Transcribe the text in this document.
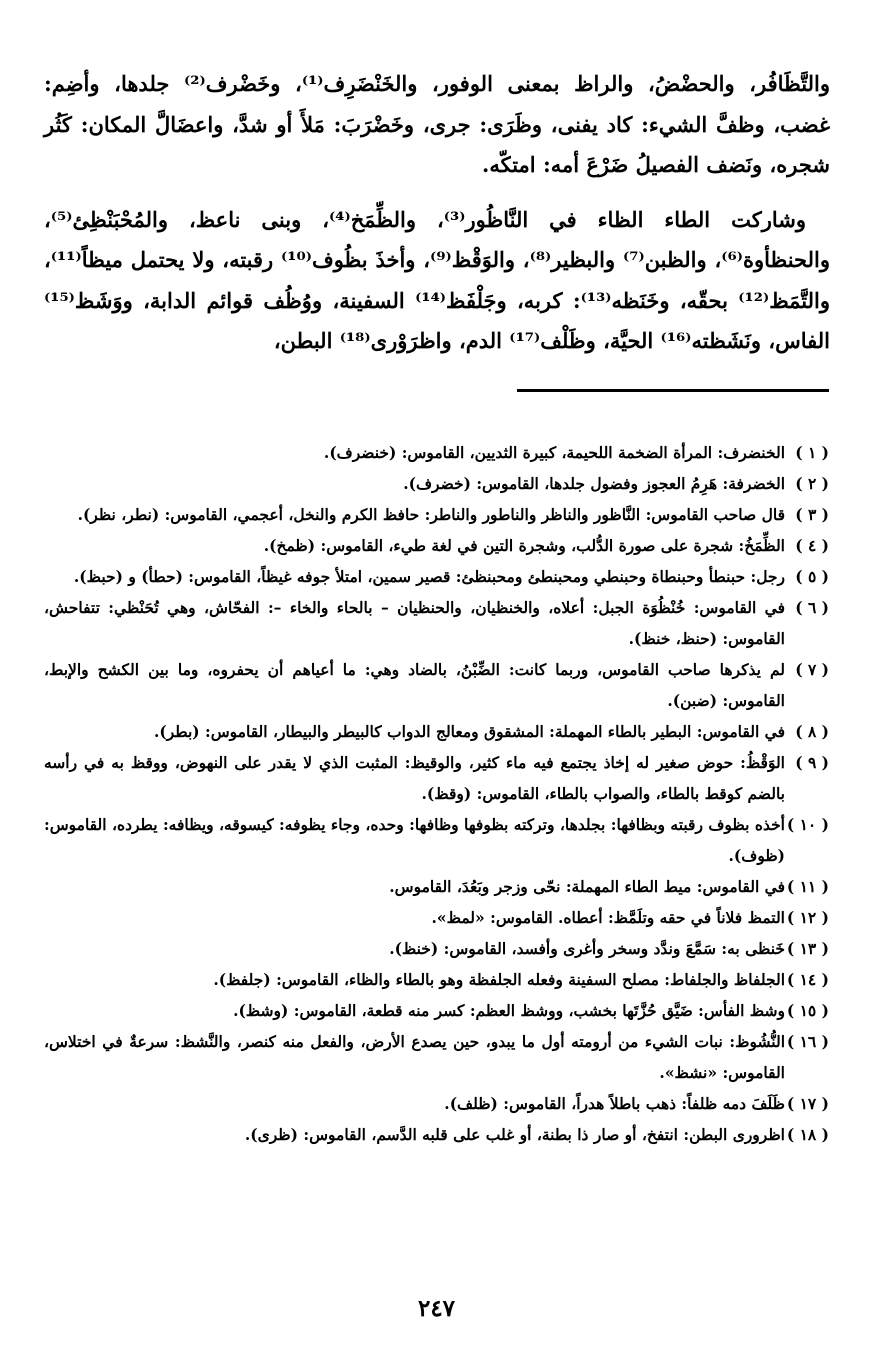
والتَّظَافُر، والحضْضُ، والراظ بمعنى الوفور، والخَنْضَرِف⁽¹⁾، وخَضْرف⁽²⁾ جلدها، وأضِم: غضب، وظفَّ الشيء: كاد يفنى، وظَرَى: جرى، وخَضْرَبَ: مَلأَ أو شدَّ، واعضَالَّ المكان: كَثُر شجره، ونَضف الفصيلُ ضَرْعَ أمه: امتكّه.

وشاركت الطاء الظاء في النَّاظُور⁽³⁾، والظِّمَخ⁽⁴⁾، وبنى ناعظ، والمُحْبَنْظِئ⁽⁵⁾، والحنظأوة⁽⁶⁾، والظبن⁽⁷⁾ والبظير⁽⁸⁾، والوَقْظ⁽⁹⁾، وأخذَ بظُوف⁽¹⁰⁾ رقبته، ولا يحتمل ميظاً⁽¹¹⁾، والتَّمَظ⁽¹²⁾ بحقّه، وخَنَظه⁽¹³⁾: كربه، وجَلْفَظ⁽¹⁴⁾ السفينة، ووُظُف قوائم الدابة، ووَشَظ⁽¹⁵⁾ الفاس، ونَشَظته⁽¹⁶⁾ الحيَّة، وظَلْف⁽¹⁷⁾ الدم، واظرَوْرى⁽¹⁸⁾ البطن،

( ١ )
الخنضرف: المرأة الضخمة اللحيمة، كبيرة الثديين، القاموس: (خنضرف).
( ٢ )
الخضرفة: هَرِمُ العجوز وفضول جلدها، القاموس: (خضرف).
( ٣ )
قال صاحب القاموس: النَّاظور والناظر والناطور والناطر: حافظ الكرم والنخل، أعجمي، القاموس: (نطر، نظر).
( ٤ )
الظِّمَخُ: شجرة على صورة الدُّلب، وشجرة التين في لغة طيء، القاموس: (ظمخ).
( ٥ )
رجل: حبنطأ وحبنطاة وحبنطي ومحبنطئ ومحبنظئ: قصير سمين، امتلأ جوفه غيظاً، القاموس: (حطأ) و (حبظ).
( ٦ )
في القاموس: خُنْظُوَة الجبل: أعلاه، والخنظيان، والحنظيان – بالحاء والخاء –: الفحّاش، وهي تُحَنْظي: تتفاحش، القاموس: (حنظ، خنظ).
( ٧ )
لم يذكرها صاحب القاموس، وربما كانت: الضِّبْنُ، بالضاد وهي: ما أعياهم أن يحفروه، وما بين الكشح والإبط، القاموس: (ضبن).
( ٨ )
في القاموس: البطير بالطاء المهملة: المشقوق ومعالج الدواب كالبيطر والبيطار، القاموس: (بطر).
( ٩ )
الوَقْظُ: حوض صغير له إخاذ يجتمع فيه ماء كثير، والوقيظ: المثبت الذي لا يقدر على النهوض، ووقظ به في رأسه بالضم كوقط بالطاء، والصواب بالطاء، القاموس: (وقظ).
( ١٠ )
أخذه بظوف رقبته وبظافها: بجلدها، وتركته بظوفها وظافها: وحده، وجاء يظوفه: كيسوقه، ويظافه: يطرده، القاموس: (ظوف).
( ١١ )
في القاموس: ميط الطاء المهملة: نحّى وزجر وبَعُدَ، القاموس.
( ١٢ )
التمظ فلاناً في حقه وتلَمَّظ: أعطاه. القاموس: «لمظ».
( ١٣ )
خَنظى به: سَمَّعَ وندَّد وسخر وأغرى وأفسد، القاموس: (خنظ).
( ١٤ )
الجلفاظ والجلفاط: مصلح السفينة وفعله الجلفظة وهو بالطاء والظاء، القاموس: (جلفظ).
( ١٥ )
وشظ الفأس: ضَيَّق حُزَّتَها بخشب، ووشظ العظم: كسر منه قطعة، القاموس: (وشظ).
( ١٦ )
النُّشُوظ: نبات الشيء من أرومته أول ما يبدو، حين يصدع الأرض، والفعل منه كنصر، والنَّشظ: سرعةٌ في اختلاس، القاموس: «نشظ».
( ١٧ )
ظَلَفَ دمه ظلفاً: ذهب باطلاً هدراً، القاموس: (ظلف).
( ١٨ )
اظرورى البطن: انتفخ، أو صار ذا بطنة، أو غلب على قلبه الدَّسم، القاموس: (ظرى).
٢٤٧
